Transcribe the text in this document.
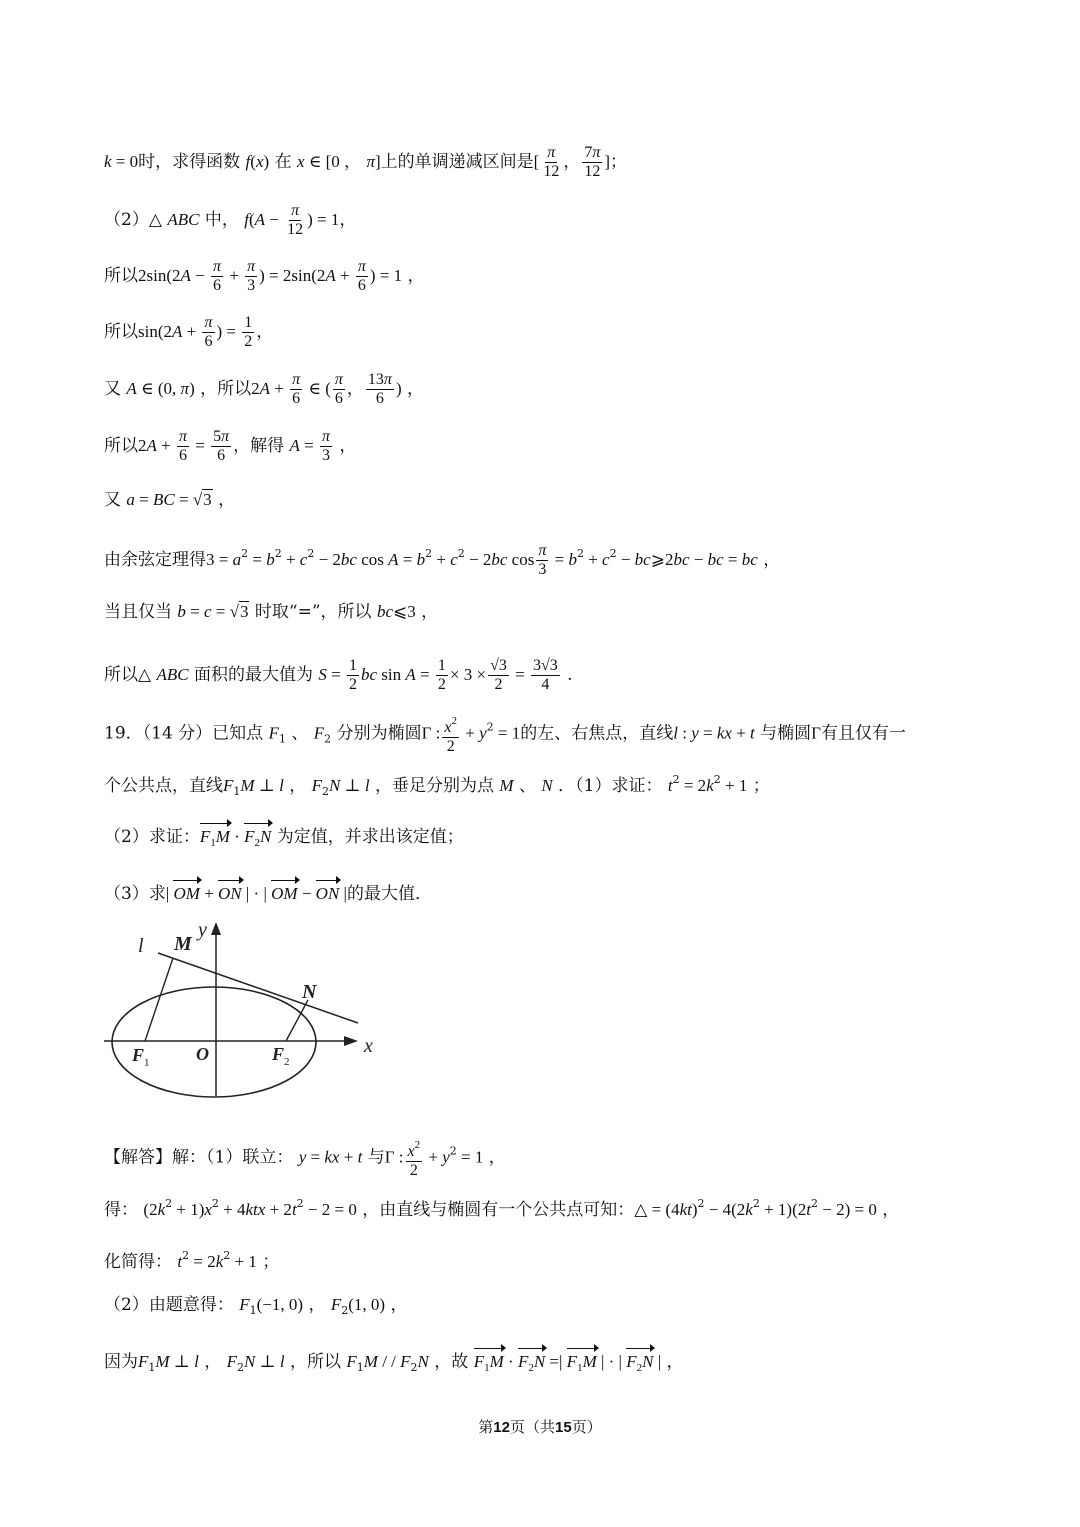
k = 0时，求得函数 f(x) 在 x ∈ [0 ， π]上的单调递减区间是[ $\frac{\pi}{12}$ ， $\frac{7\pi}{12}$ ]；
（2）△ ABC 中， $f(A - \frac{\pi}{12}$ ) = 1，
所以$2\sin(2A - \frac{\pi}{6} + \frac{\pi}{3}$ ) = $2\sin(2A + \frac{\pi}{6}$ ) = 1 ，
所以$\sin(2A + \frac{\pi}{6}$ ) = $\frac{1}{2}$ ，
又 A ∈ (0, π) ，所以$2A + \frac{\pi}{6}$ ∈ ( $\frac{\pi}{6}$ ， $\frac{13\pi}{6}$ ) ，
所以$2A + \frac{\pi}{6} = \frac{5\pi}{6}$ ，解得 $A = \frac{\pi}{3}$ ，
又 a = BC = √3 ，
由余弦定理得$3 = a^2 = b^2 + c^2 - 2bc$ $\cos A = b^2 + c^2 - 2bc$ $\cos \frac{\pi}{3} = b^2 + c^2$ − bc⩾2bc − bc = bc ，
当且仅当 b = c = √3 时取“=”，所以 bc⩽3 ，
所以△ ABC 面积的最大值为 $S = \frac{1}{2}$ bc $\sin A = \frac{1}{2} \times 3 \times \frac{√3}{2} = \frac{3√3}{4}$ .
19．（14 分）已知点 $F_1$ 、 $F_2$ 分别为椭圆Γ : $\frac{x^2}{2} + y^2 = 1$的左、右焦点，直线l : y = kx + t 与椭圆Γ有且仅有一
个公共点，直线$F_1M$ ⊥ l ， $F_2N$ ⊥ l ，垂足分别为点 M 、 N ．（1）求证： $t^2 = 2k^2 + 1$ ；
（2）求证：$F_1M \cdot F_2N$ 为定值，并求出该定值；
（3）求| OM + ON | · | OM − ON |的最大值．
l M
y
N
x
F 1	O	F 2
【解答】解：（1）联立： y = kx + t 与Γ : $\frac{x^2}{2} + y^2 = 1$ ，
得： $(2k^2 + 1)x^2 + 4ktx + 2t^2 - 2 = 0$ ，由直线与椭圆有一个公共点可知：△ = $(4kt)^2 - 4(2k^2 + 1)(2t^2 - 2) = 0$ ，
化简得： $t^2 = 2k^2 + 1$ ；
（2）由题意得： $F_1(-1$, 0) ， $F_2(1$, 0) ，
因为$F_1M$ ⊥ l ， $F_2N$ ⊥ l ，所以 $F_1M$ / / $F_2N$ ，故 $F_1M \cdot F_2N$ =| $F_1M$ | · | $F_2N$ | ，
第12页（共15页）
